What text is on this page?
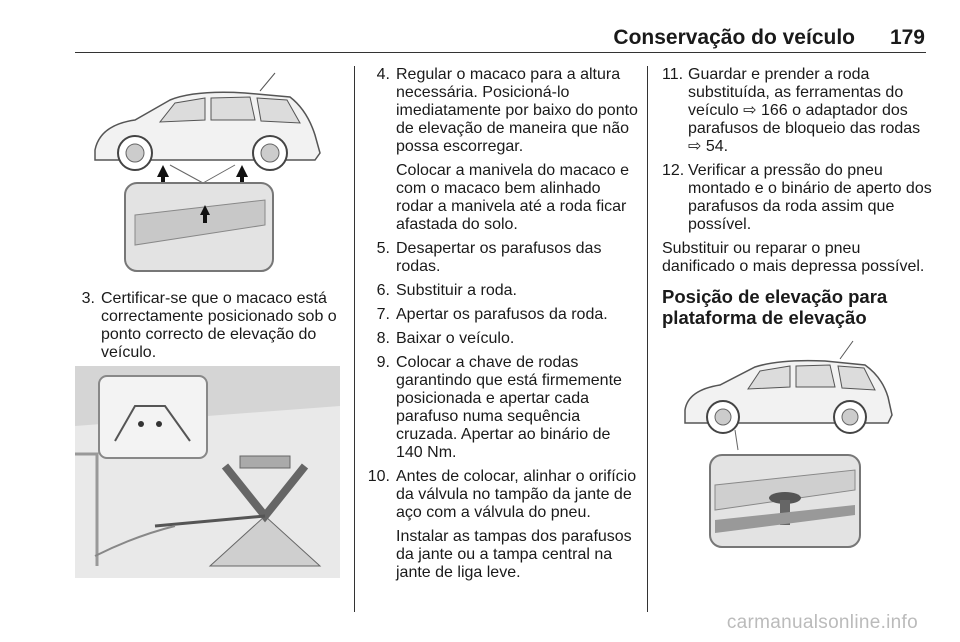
Conservação do veículo 179
3. Certificar-se que o macaco está
correctamente posicionado sob o
ponto correcto de elevação do
veículo.
4. Regular o macaco para a altura
necessária. Posicioná-lo
imediatamente por baixo do ponto
de elevação de maneira que não
possa escorregar.
Colocar a manivela do macaco e
com o macaco bem alinhado
rodar a manivela até a roda ficar
afastada do solo.
5. Desapertar os parafusos das
rodas.
6. Substituir a roda.
7. Apertar os parafusos da roda.
8. Baixar o veículo.
9. Colocar a chave de rodas
garantindo que está firmemente
posicionada e apertar cada
parafuso numa sequência
cruzada. Apertar ao binário de
140 Nm.
10. Antes de colocar, alinhar o orifício
da válvula no tampão da jante de
aço com a válvula do pneu.
Instalar as tampas dos parafusos
da jante ou a tampa central na
jante de liga leve.
11. Guardar e prender a roda
substituída, as ferramentas do
veículo ⇨ 166 o adaptador dos
parafusos de bloqueio das rodas
⇨ 54.
12. Verificar a pressão do pneu
montado e o binário de aperto dos
parafusos da roda assim que
possível.
Substituir ou reparar o pneu
danificado o mais depressa possível.
Posição de elevação para
plataforma de elevação
carmanualsonline.info
